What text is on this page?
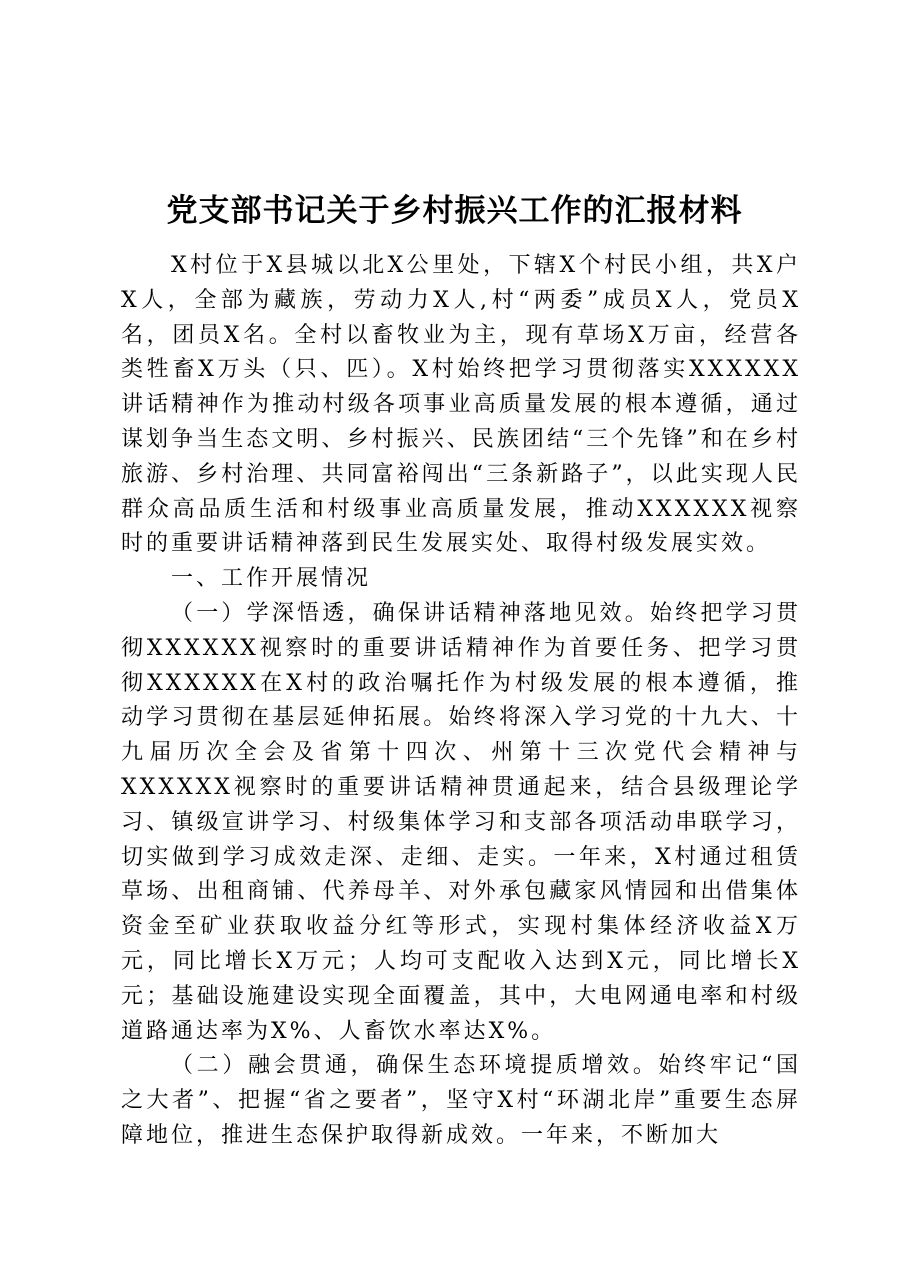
党支部书记关于乡村振兴工作的汇报材料

X村位于X县城以北X公里处，下辖X个村民小组，共X户X人，全部为藏族，劳动力X人,村“两委”成员X人，党员X名，团员X名。全村以畜牧业为主，现有草场X万亩，经营各类牲畜X万头（只、匹）。X村始终把学习贯彻落实XXXXXX讲话精神作为推动村级各项事业高质量发展的根本遵循，通过谋划争当生态文明、乡村振兴、民族团结“三个先锋”和在乡村旅游、乡村治理、共同富裕闯出“三条新路子”，以此实现人民群众高品质生活和村级事业高质量发展，推动XXXXXX视察时的重要讲话精神落到民生发展实处、取得村级发展实效。

一、工作开展情况

（一）学深悟透，确保讲话精神落地见效。始终把学习贯彻XXXXXX视察时的重要讲话精神作为首要任务、把学习贯彻XXXXXX在X村的政治嘱托作为村级发展的根本遵循，推动学习贯彻在基层延伸拓展。始终将深入学习党的十九大、十九届历次全会及省第十四次、州第十三次党代会精神与XXXXXX视察时的重要讲话精神贯通起来，结合县级理论学习、镇级宣讲学习、村级集体学习和支部各项活动串联学习，切实做到学习成效走深、走细、走实。一年来，X村通过租赁草场、出租商铺、代养母羊、对外承包藏家风情园和出借集体资金至矿业获取收益分红等形式，实现村集体经济收益X万元，同比增长X万元；人均可支配收入达到X元，同比增长X元；基础设施建设实现全面覆盖，其中，大电网通电率和村级道路通达率为X%、人畜饮水率达X%。

（二）融会贯通，确保生态环境提质增效。始终牢记“国之大者”、把握“省之要者”，坚守X村“环湖北岸”重要生态屏障地位，推进生态保护取得新成效。一年来，不断加大
